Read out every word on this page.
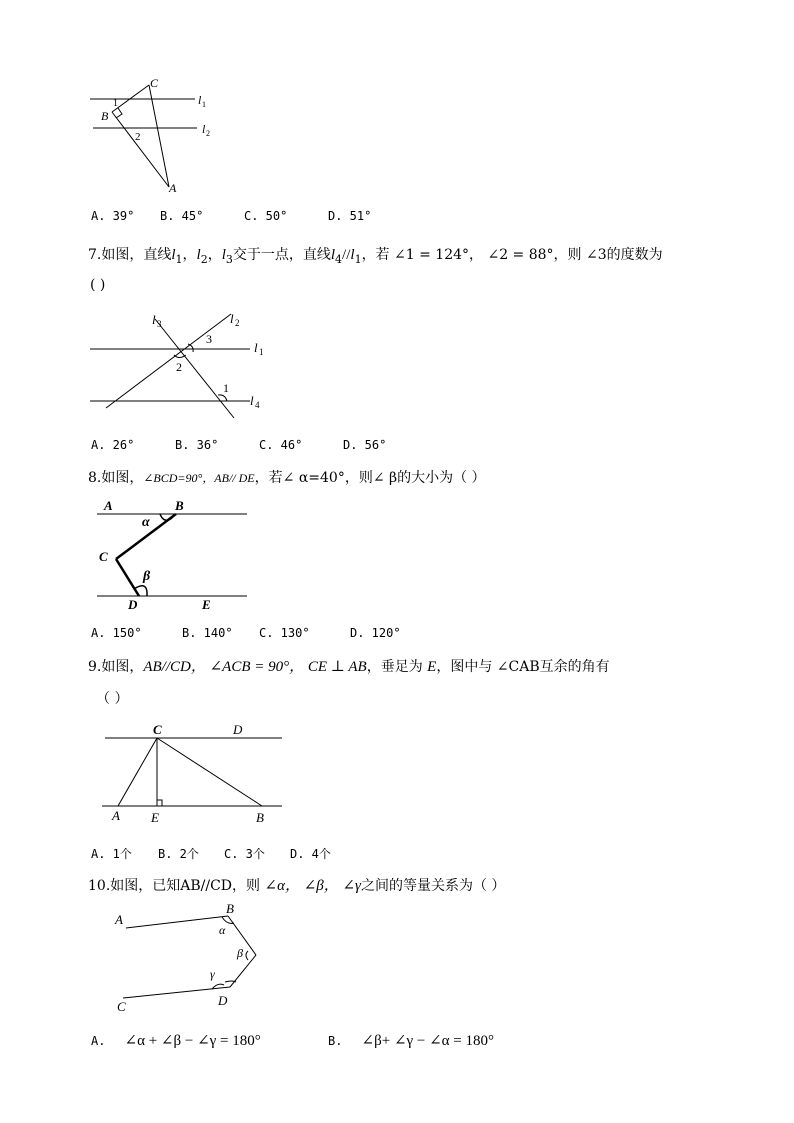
C
B
A
l 1
l 2
1
2
A. 39° B. 45°	C. 50°	D. 51°
7.如图，直线$l_1$，$l_2$，$l_3$交于一点，直线$l_4//l_1$，若 ∠1 = 124°， ∠2 = 88°，则 ∠3的度数为
( )
l 3	l 2
l 1
l 4
3
2
1
A. 26°	B. 36°	C. 46°	D. 56°
8.如图，∠BCD=90°，AB// DE，若∠ α=40°，则∠ β的大小为（ ）
A	B
C
D	E
α
β
A. 150°	B. 140° C. 130°	D. 120°
9.如图，AB//CD， ∠ACB = 90°， CE ⊥ AB，垂足为 E，图中与 ∠CAB互余的角有
（ ）
C	D
A E	B
A. 1个 B. 2个 C. 3个 D. 4个
10.如图，已知AB//CD，则 ∠α， ∠β， ∠γ之间的等量关系为（ ）
A
B
C	D
α
β
γ
A. ∠α + ∠β − ∠γ = 180°	B. ∠β+ ∠γ − ∠α = 180°
